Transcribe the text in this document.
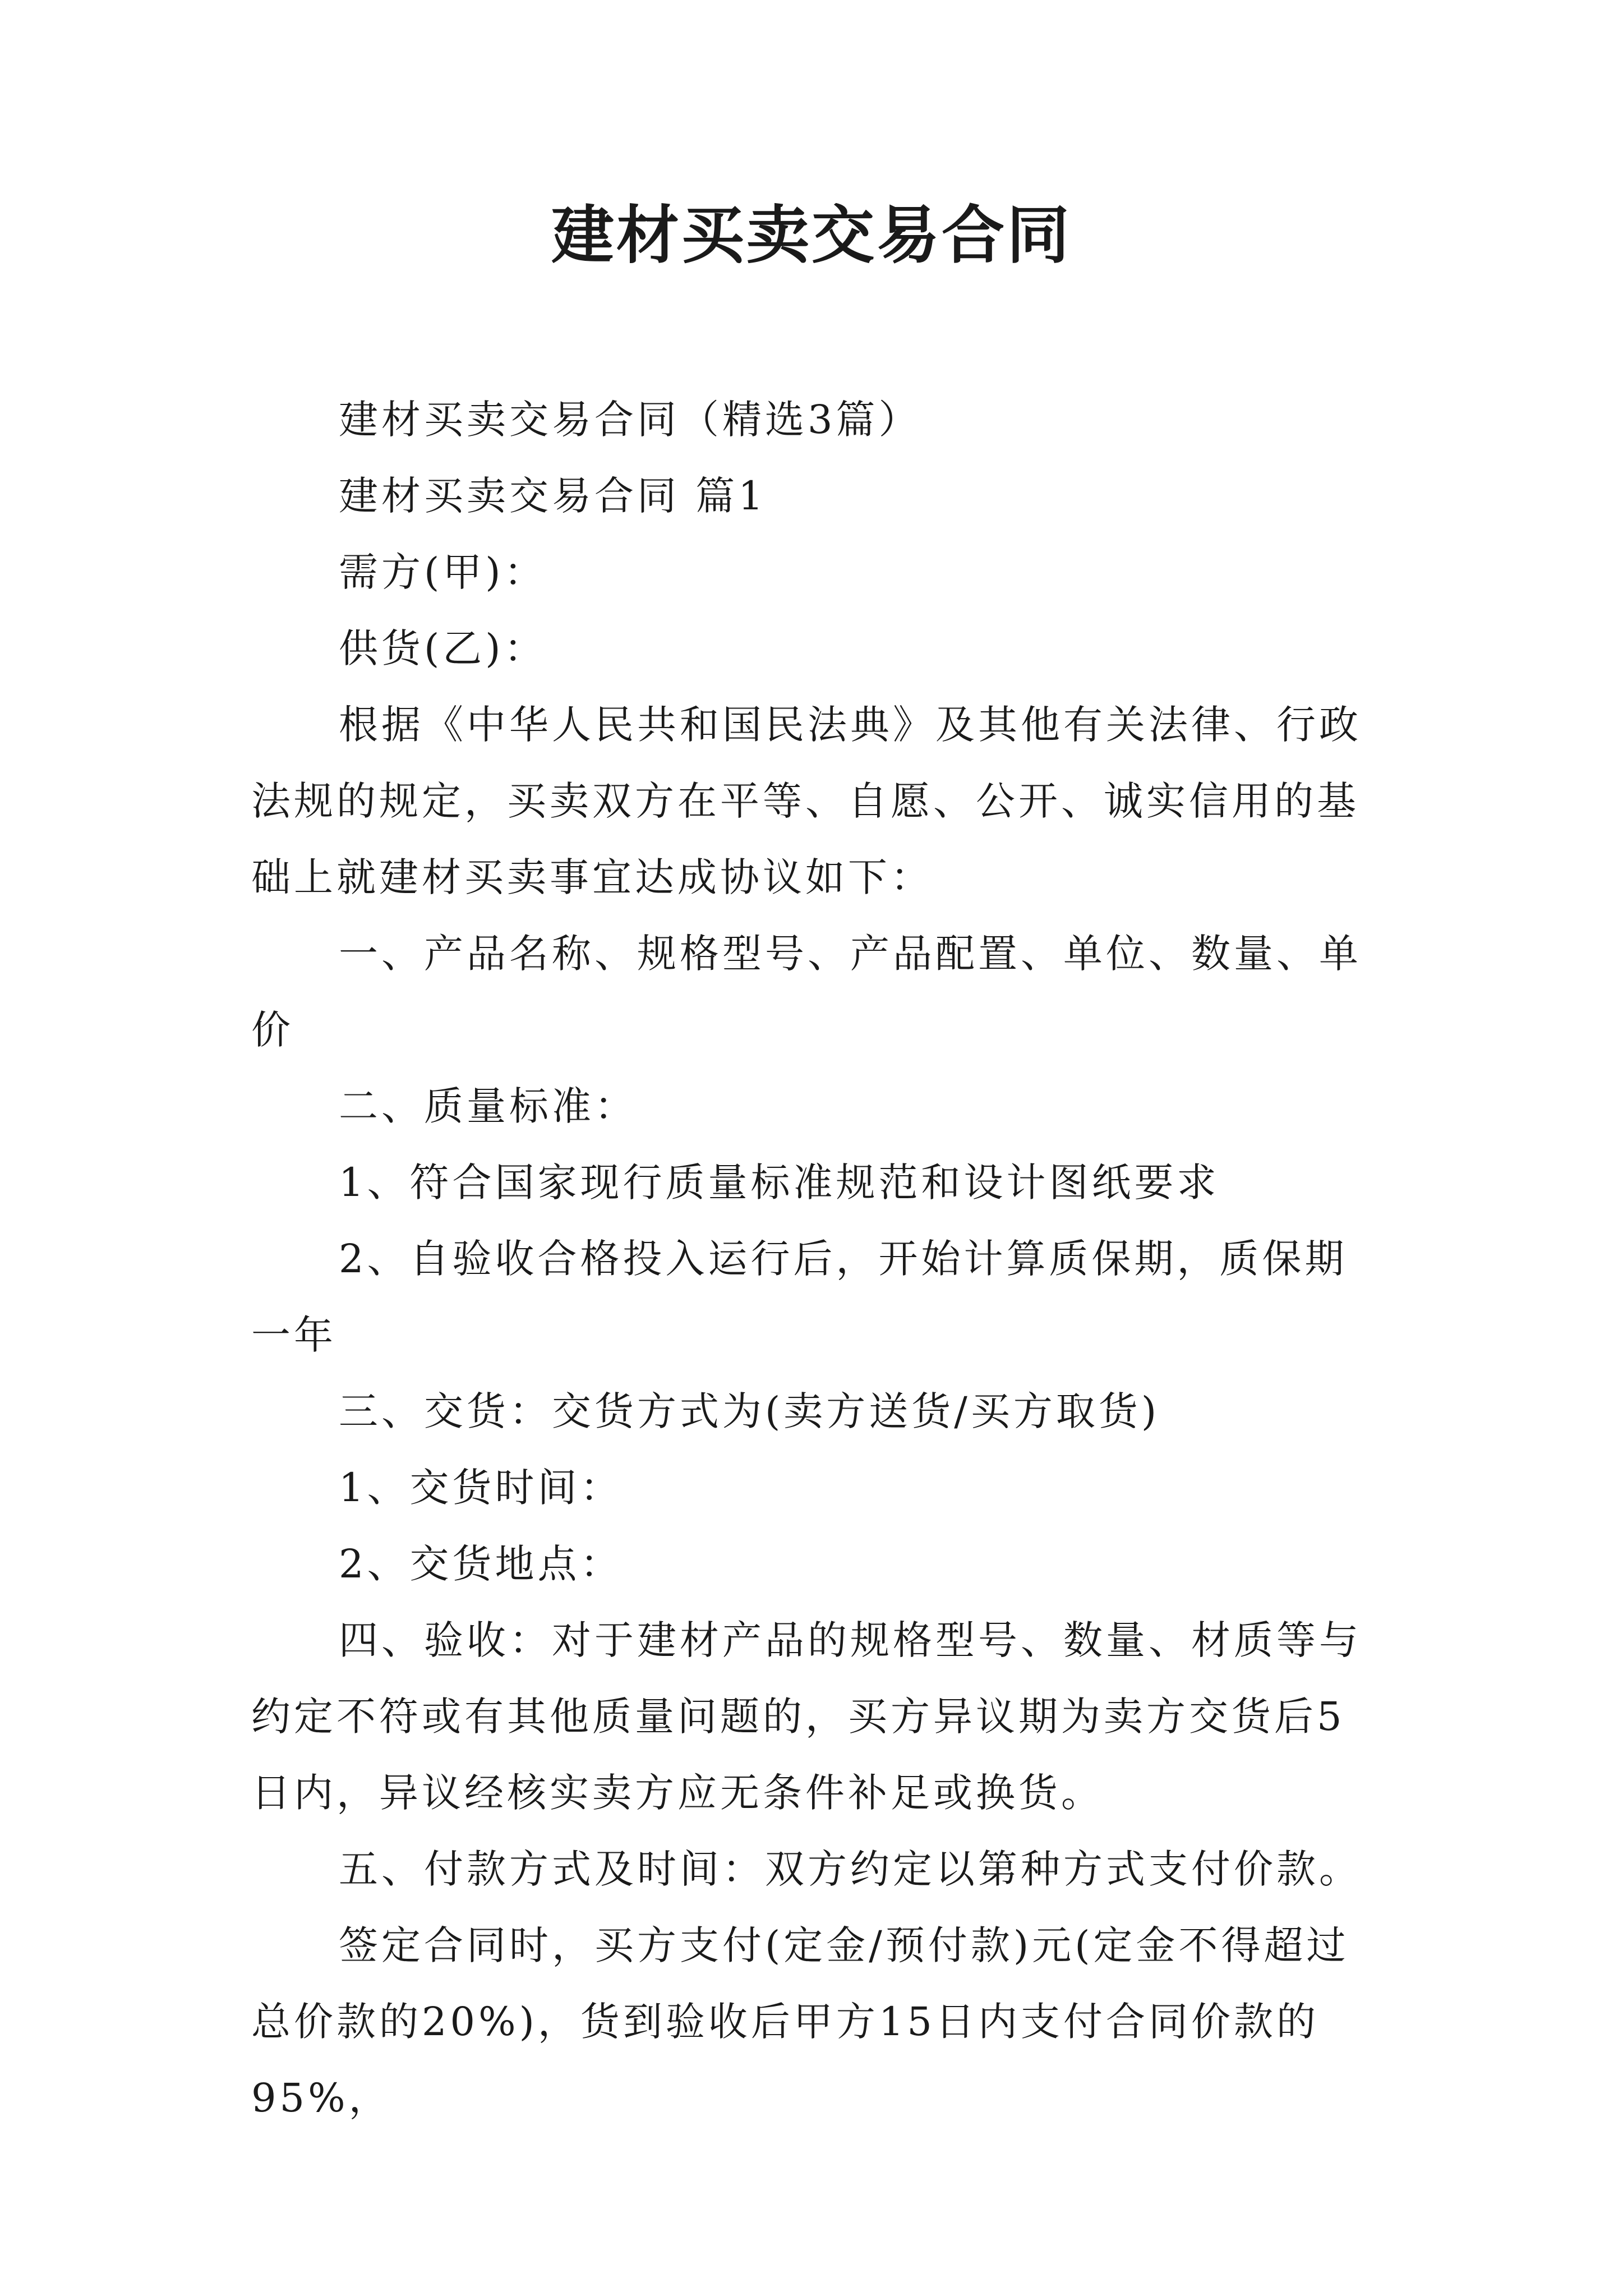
建材买卖交易合同

建材买卖交易合同（精选3篇）

建材买卖交易合同 篇1

需方(甲)：

供货(乙)：

根据《中华人民共和国民法典》及其他有关法律、行政法规的规定，买卖双方在平等、自愿、公开、诚实信用的基础上就建材买卖事宜达成协议如下：

一、产品名称、规格型号、产品配置、单位、数量、单价

二、质量标准：

1、符合国家现行质量标准规范和设计图纸要求

2、自验收合格投入运行后，开始计算质保期，质保期一年

三、交货：交货方式为(卖方送货/买方取货)

1、交货时间：

2、交货地点：

四、验收：对于建材产品的规格型号、数量、材质等与约定不符或有其他质量问题的，买方异议期为卖方交货后5日内，异议经核实卖方应无条件补足或换货。

五、付款方式及时间：双方约定以第种方式支付价款。

签定合同时，买方支付(定金/预付款)元(定金不得超过总价款的20%)，货到验收后甲方15日内支付合同价款的95%，
